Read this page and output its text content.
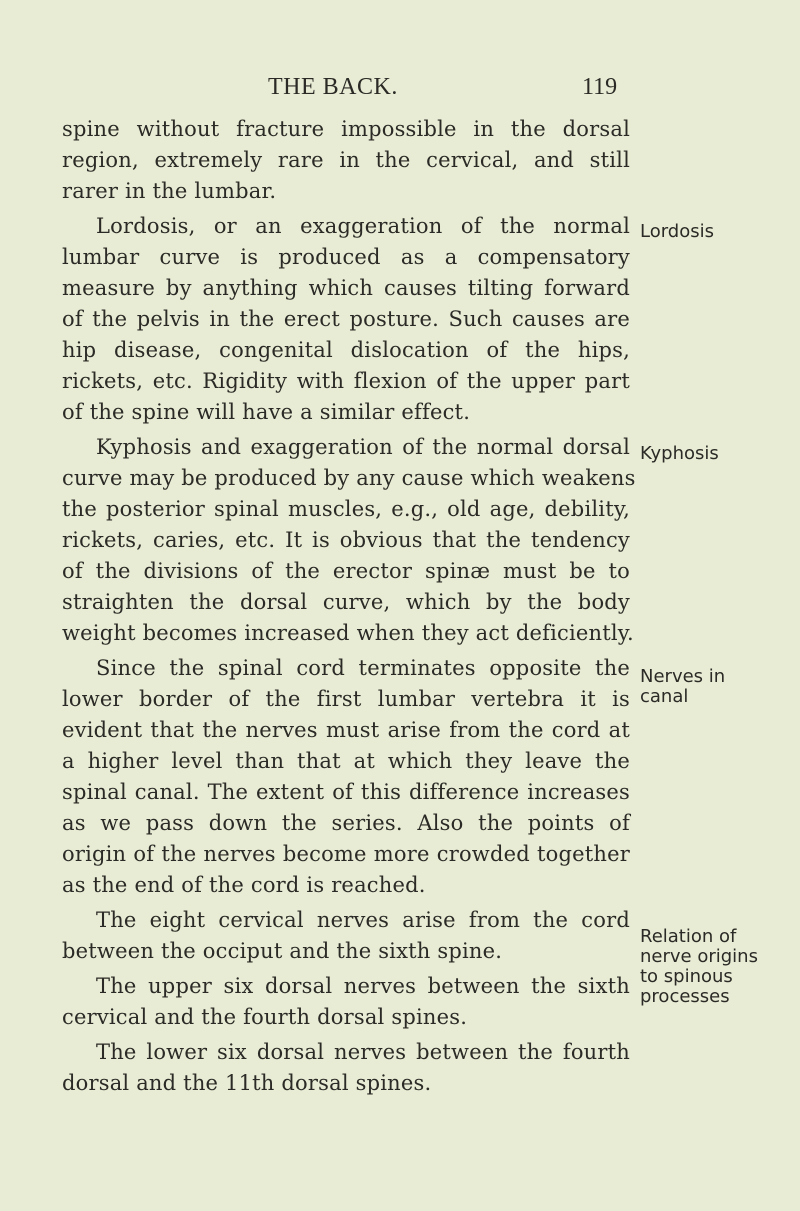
THE BACK.	119
spine without fracture impossible in the dorsal
region, extremely rare in the cervical, and still
rarer in the lumbar.
Lordosis, or an exaggeration of the normal
lumbar curve is produced as a compensatory
measure by anything which causes tilting forward
of the pelvis in the erect posture. Such causes are
hip disease, congenital dislocation of the hips,
rickets, etc. Rigidity with flexion of the upper part
of the spine will have a similar effect.
Kyphosis and exaggeration of the normal dorsal
curve may be produced by any cause which weakens
the posterior spinal muscles, e.g., old age, debility,
rickets, caries, etc. It is obvious that the tendency
of the divisions of the erector spinæ must be to
straighten the dorsal curve, which by the body
weight becomes increased when they act deficiently.
Since the spinal cord terminates opposite the
lower border of the first lumbar vertebra it is
evident that the nerves must arise from the cord at
a higher level than that at which they leave the
spinal canal. The extent of this difference increases
as we pass down the series. Also the points of
origin of the nerves become more crowded together
as the end of the cord is reached.
The eight cervical nerves arise from the cord
between the occiput and the sixth spine.
The upper six dorsal nerves between the sixth
cervical and the fourth dorsal spines.
The lower six dorsal nerves between the fourth
dorsal and the 11th dorsal spines.
Lordosis
Kyphosis
Nerves in
canal
Relation of
nerve origins
to spinous
processes
